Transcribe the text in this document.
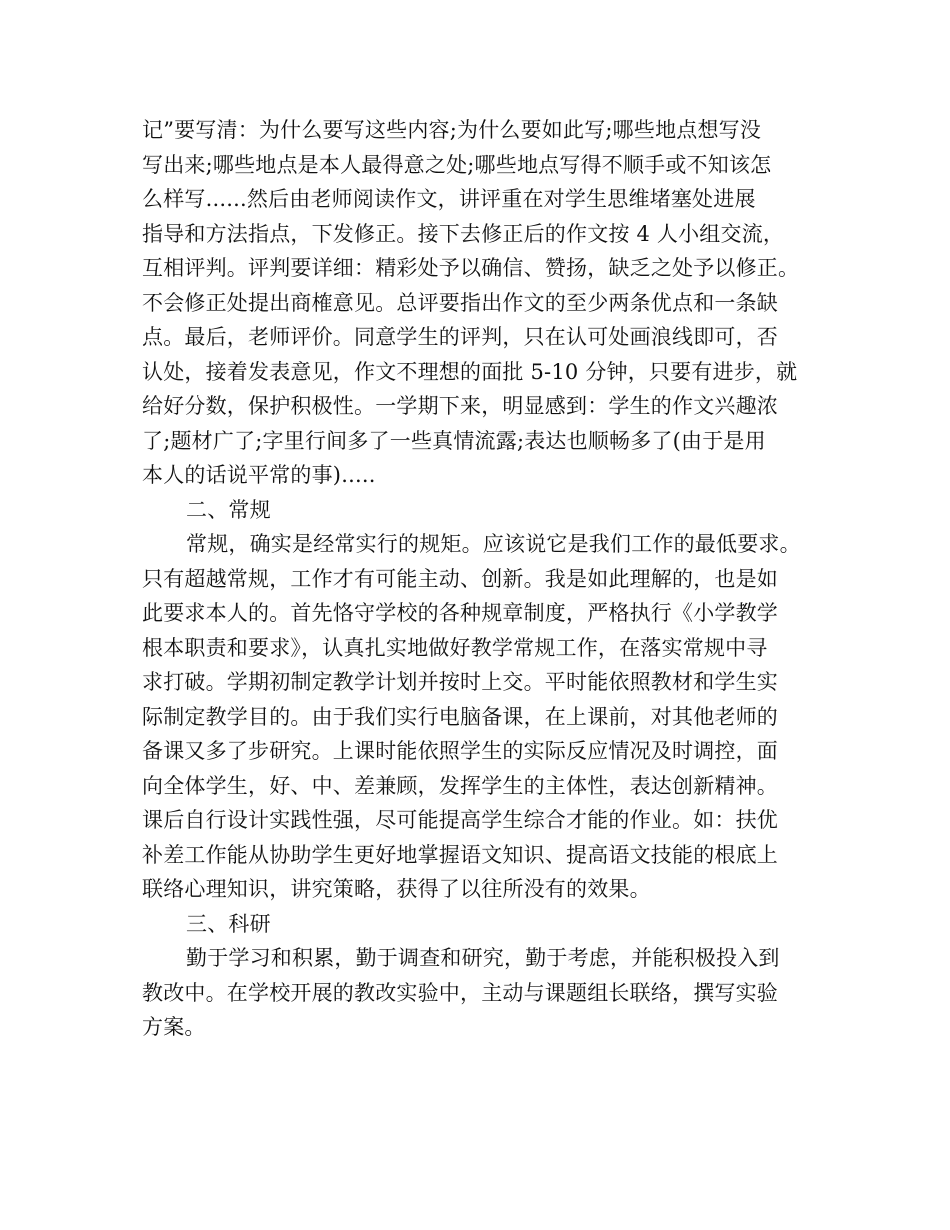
记”要写清：为什么要写这些内容;为什么要如此写;哪些地点想写没
写出来;哪些地点是本人最得意之处;哪些地点写得不顺手或不知该怎
么样写......然后由老师阅读作文，讲评重在对学生思维堵塞处进展
指导和方法指点，下发修正。接下去修正后的作文按 4 人小组交流，
互相评判。评判要详细：精彩处予以确信、赞扬，缺乏之处予以修正。
不会修正处提出商榷意见。总评要指出作文的至少两条优点和一条缺
点。最后，老师评价。同意学生的评判，只在认可处画浪线即可，否
认处，接着发表意见，作文不理想的面批 5-10 分钟，只要有进步，就
给好分数，保护积极性。一学期下来，明显感到：学生的作文兴趣浓
了;题材广了;字里行间多了一些真情流露;表达也顺畅多了(由于是用
本人的话说平常的事).....
二、常规
常规，确实是经常实行的规矩。应该说它是我们工作的最低要求。
只有超越常规，工作才有可能主动、创新。我是如此理解的，也是如
此要求本人的。首先恪守学校的各种规章制度，严格执行《小学教学
根本职责和要求》，认真扎实地做好教学常规工作，在落实常规中寻
求打破。学期初制定教学计划并按时上交。平时能依照教材和学生实
际制定教学目的。由于我们实行电脑备课，在上课前，对其他老师的
备课又多了步研究。上课时能依照学生的实际反应情况及时调控，面
向全体学生，好、中、差兼顾，发挥学生的主体性，表达创新精神。
课后自行设计实践性强，尽可能提高学生综合才能的作业。如：扶优
补差工作能从协助学生更好地掌握语文知识、提高语文技能的根底上
联络心理知识，讲究策略，获得了以往所没有的效果。
三、科研
勤于学习和积累，勤于调查和研究，勤于考虑，并能积极投入到
教改中。在学校开展的教改实验中，主动与课题组长联络，撰写实验
方案。
